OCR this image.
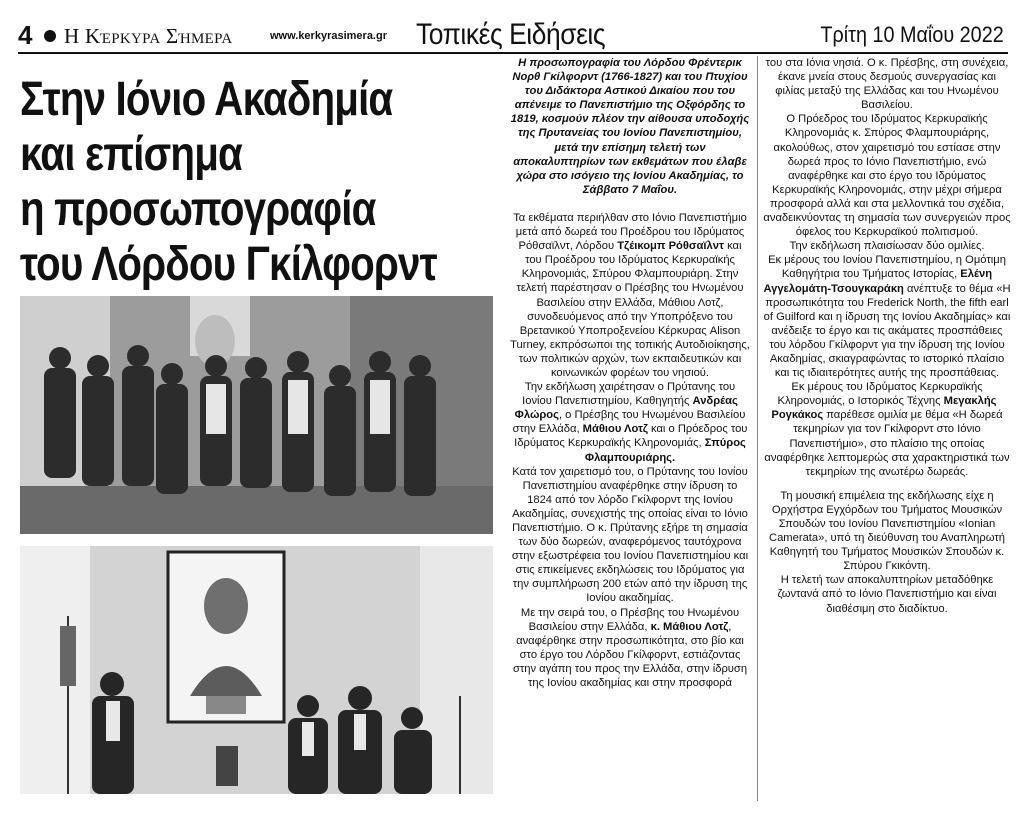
4 Η Κέρκυρα Σήμερα	www.kerkyrasimera.gr Τοπικές Ειδήσεις	Τρίτη 10 Μαΐου 2022
Στην Ιόνιο Ακαδημία
και επίσημα
η προσωπογραφία
του Λόρδου Γκίλφορντ

Η προσωπογραφία του Λόρδου Φρέντερικ Νορθ Γκίλφορντ (1766-1827) και του Πτυχίου του Διδάκτορα Αστικού Δικαίου που του απένειμε το Πανεπιστήμιο της Οξφόρδης το 1819, κοσμούν πλέον την αίθουσα υποδοχής της Πρυτανείας του Ιονίου Πανεπιστημίου, μετά την επίσημη τελετή των αποκαλυπτηρίων των εκθεμάτων που έλαβε χώρα στο ισόγειο της Ιονίου Ακαδημίας, το Σάββατο 7 Μαΐου.

Τα εκθέματα περιήλθαν στο Ιόνιο Πανεπιστήμιο μετά από δωρεά του Προέδρου του Ιδρύματος Ρόθσαϊλντ, Λόρδου Τζέικομπ Ρόθσαϊλντ και του Προέδρου του Ιδρύματος Κερκυραϊκής Κληρονομιάς, Σπύρου Φλαμπουριάρη. Στην τελετή παρέστησαν ο Πρέσβης του Ηνωμένου Βασιλείου στην Ελλάδα, Μάθιου Λοτζ, συνοδευόμενος από την Υποπρόξενο του Βρετανικού Υποπροξενείου Κέρκυρας Alison Turney, εκπρόσωποι της τοπικής Αυτοδιοίκησης, των πολιτικών αρχών, των εκπαιδευτικών και κοινωνικών φορέων του νησιού.

Την εκδήλωση χαιρέτησαν ο Πρύτανης του Ιονίου Πανεπιστημίου, Καθηγητής Ανδρέας Φλώρος, ο Πρέσβης του Ηνωμένου Βασιλείου στην Ελλάδα, Μάθιου Λοτζ και ο Πρόεδρος του Ιδρύματος Κερκυραϊκής Κληρονομιάς, Σπύρος Φλαμπουριάρης.

Κατά τον χαιρετισμό του, ο Πρύτανης του Ιονίου Πανεπιστημίου αναφέρθηκε στην ίδρυση το 1824 από τον λόρδο Γκίλφορντ της Ιονίου Ακαδημίας, συνεχιστής της οποίας είναι το Ιόνιο Πανεπιστήμιο. Ο κ. Πρύτανης εξήρε τη σημασία των δύο δωρεών, αναφερόμενος ταυτόχρονα στην εξωστρέφεια του Ιονίου Πανεπιστημίου και στις επικείμενες εκδηλώσεις του Ιδρύματος για την συμπλήρωση 200 ετών από την ίδρυση της Ιονίου ακαδημίας.

Με την σειρά του, ο Πρέσβης του Ηνωμένου Βασιλείου στην Ελλάδα, κ. Μάθιου Λοτζ, αναφέρθηκε στην προσωπικότητα, στο βίο και στο έργο του Λόρδου Γκίλφορντ, εστιάζοντας στην αγάπη του προς την Ελλάδα, στην ίδρυση της Ιονίου ακαδημίας και στην προσφορά

του στα Ιόνια νησιά. Ο κ. Πρέσβης, στη συνέχεια, έκανε μνεία στους δεσμούς συνεργασίας και φιλίας μεταξύ της Ελλάδας και του Ηνωμένου Βασιλείου.

Ο Πρόεδρος του Ιδρύματος Κερκυραϊκής Κληρονομιάς κ. Σπύρος Φλαμπουριάρης, ακολούθως, στον χαιρετισμό του εστίασε στην δωρεά προς το Ιόνιο Πανεπιστήμιο, ενώ αναφέρθηκε και στο έργο του Ιδρύματος Κερκυραϊκής Κληρονομιάς, στην μέχρι σήμερα προσφορά αλλά και στα μελλοντικά του σχέδια, αναδεικνύοντας τη σημασία των συνεργειών προς όφελος του Κερκυραϊκού πολιτισμού.

Την εκδήλωση πλαισίωσαν δύο ομιλίες.

Εκ μέρους του Ιονίου Πανεπιστημίου, η Ομότιμη Καθηγήτρια του Τμήματος Ιστορίας, Ελένη Αγγελομάτη-Τσουγκαράκη ανέπτυξε το θέμα «Η προσωπικότητα του Frederick North, the fifth earl of Guilford και η ίδρυση της Ιονίου Ακαδημίας» και ανέδειξε το έργο και τις ακάματες προσπάθειες του λόρδου Γκίλφορντ για την ίδρυση της Ιονίου Ακαδημίας, σκιαγραφώντας το ιστορικό πλαίσιο και τις ιδιαιτερότητες αυτής της προσπάθειας.

Εκ μέρους του Ιδρύματος Κερκυραϊκής Κληρονομιάς, ο Ιστορικός Τέχνης Μεγακλής Ρογκάκος παρέθεσε ομιλία με θέμα «Η δωρεά τεκμηρίων για τον Γκίλφορντ στο Ιόνιο Πανεπιστήμιο», στο πλαίσιο της οποίας αναφέρθηκε λεπτομερώς στα χαρακτηριστικά των τεκμηρίων της ανωτέρω δωρεάς.

Τη μουσική επιμέλεια της εκδήλωσης είχε η Ορχήστρα Εγχόρδων του Τμήματος Μουσικών Σπουδών του Ιονίου Πανεπιστημίου «Ionian Camerata», υπό τη διεύθυνση του Αναπληρωτή Καθηγητή του Τμήματος Μουσικών Σπουδών κ. Σπύρου Γκικόντη.

Η τελετή των αποκαλυπτηρίων μεταδόθηκε ζωντανά από το Ιόνιο Πανεπιστήμιο και είναι διαθέσιμη στο διαδίκτυο.
